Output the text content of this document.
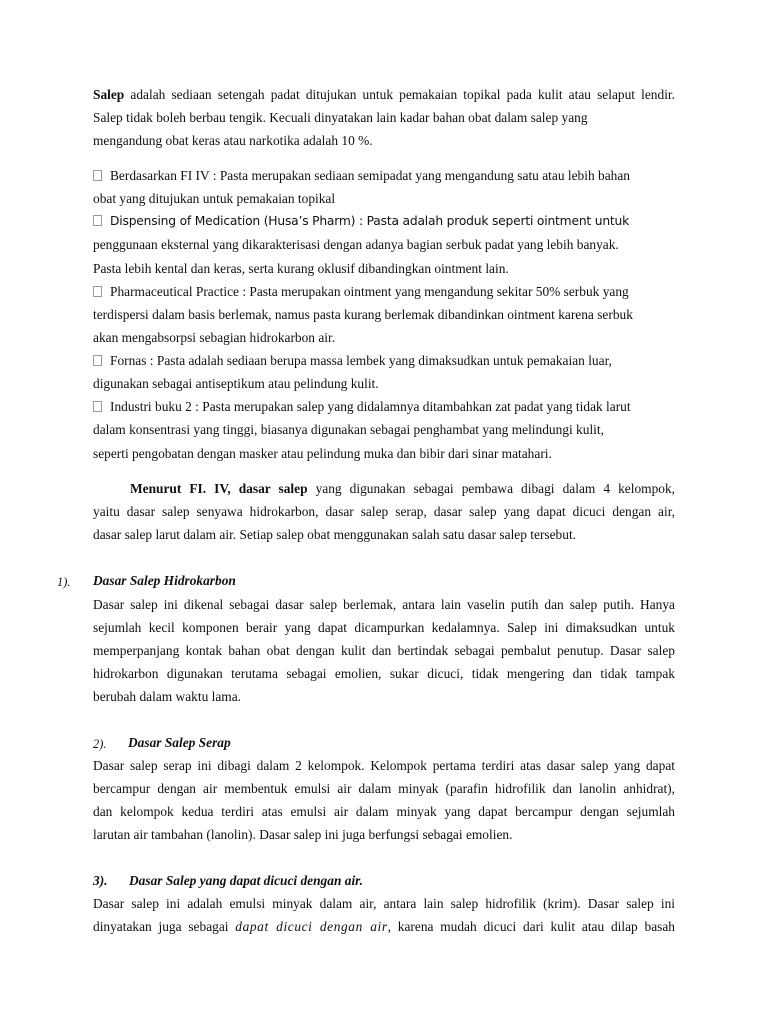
Salep adalah sediaan setengah padat ditujukan untuk pemakaian topikal pada kulit atau selaput lendir.
Salep tidak boleh berbau tengik. Kecuali dinyatakan lain kadar bahan obat dalam salep yang
mengandung obat keras atau narkotika adalah 10 %.
Berdasarkan FI IV : Pasta merupakan sediaan semipadat yang mengandung satu atau lebih bahan
obat yang ditujukan untuk pemakaian topikal
Dispensing of Medication (Husa’s Pharm) : Pasta adalah produk seperti ointment untuk
penggunaan eksternal yang dikarakterisasi dengan adanya bagian serbuk padat yang lebih banyak.
Pasta lebih kental dan keras, serta kurang oklusif dibandingkan ointment lain.
Pharmaceutical Practice : Pasta merupakan ointment yang mengandung sekitar 50% serbuk yang
terdispersi dalam basis berlemak, namus pasta kurang berlemak dibandinkan ointment karena serbuk
akan mengabsorpsi sebagian hidrokarbon air.
Fornas : Pasta adalah sediaan berupa massa lembek yang dimaksudkan untuk pemakaian luar,
digunakan sebagai antiseptikum atau pelindung kulit.
Industri buku 2 : Pasta merupakan salep yang didalamnya ditambahkan zat padat yang tidak larut
dalam konsentrasi yang tinggi, biasanya digunakan sebagai penghambat yang melindungi kulit,
seperti pengobatan dengan masker atau pelindung muka dan bibir dari sinar matahari.
Menurut FI. IV, dasar salep yang digunakan sebagai pembawa dibagi dalam 4 kelompok,
yaitu dasar salep senyawa hidrokarbon, dasar salep serap, dasar salep yang dapat dicuci dengan air,
dasar salep larut dalam air. Setiap salep obat menggunakan salah satu dasar salep tersebut.
1). Dasar Salep Hidrokarbon
Dasar salep ini dikenal sebagai dasar salep berlemak, antara lain vaselin putih dan salep putih. Hanya
sejumlah kecil komponen berair yang dapat dicampurkan kedalamnya. Salep ini dimaksudkan untuk
memperpanjang kontak bahan obat dengan kulit dan bertindak sebagai pembalut penutup. Dasar salep
hidrokarbon digunakan terutama sebagai emolien, sukar dicuci, tidak mengering dan tidak tampak
berubah dalam waktu lama.
2). Dasar Salep Serap
Dasar salep serap ini dibagi dalam 2 kelompok. Kelompok pertama terdiri atas dasar salep yang dapat
bercampur dengan air membentuk emulsi air dalam minyak (parafin hidrofilik dan lanolin anhidrat),
dan kelompok kedua terdiri atas emulsi air dalam minyak yang dapat bercampur dengan sejumlah
larutan air tambahan (lanolin). Dasar salep ini juga berfungsi sebagai emolien.
3). Dasar Salep yang dapat dicuci dengan air.
Dasar salep ini adalah emulsi minyak dalam air, antara lain salep hidrofilik (krim). Dasar salep ini
dinyatakan juga sebagai dapat dicuci dengan air, karena mudah dicuci dari kulit atau dilap basah
